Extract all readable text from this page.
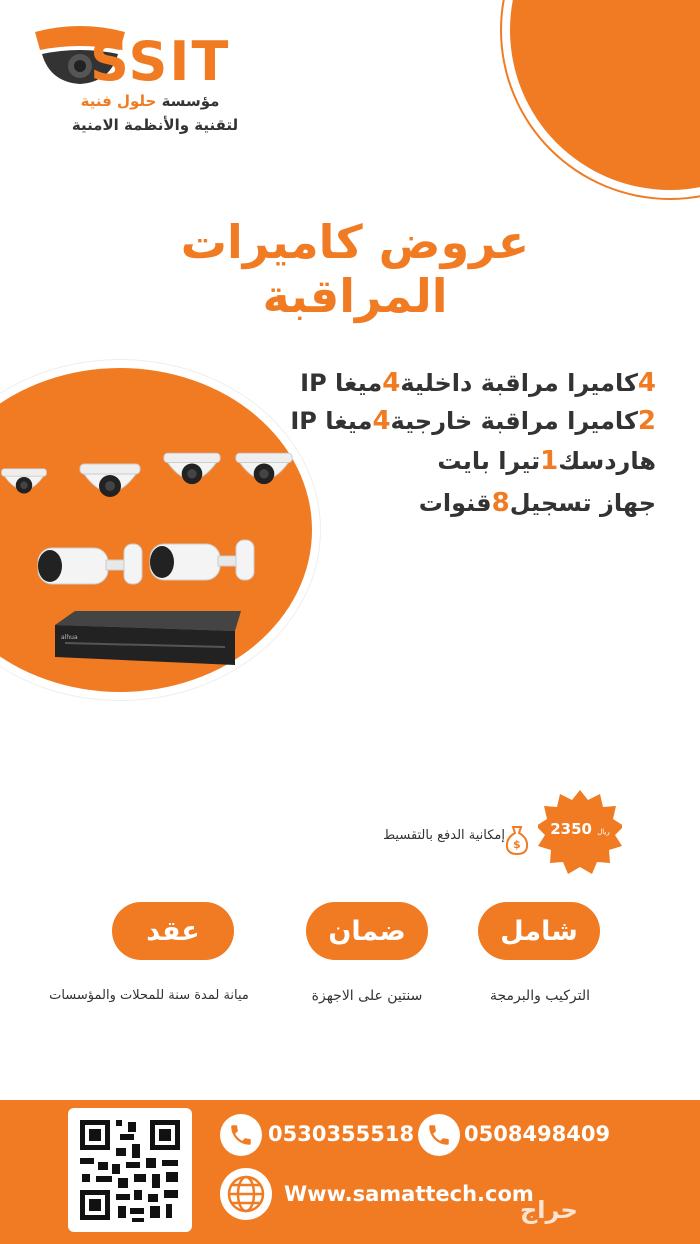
SSIT
مؤسسة حلول فنية
لتقنية والأنظمة الامنية
عروض كاميرات المراقبة
alhua
4كاميرا مراقبة داخلية4ميغا IP
2كاميرا مراقبة خارجية4ميغا IP
هاردسك1تيرا بايت
جهاز تسجيل8قنوات
2350 ريال
$
إمكانية الدفع بالتقسيط
شامل
التركيب والبرمجة
ضمان
سنتين على الاجهزة
عقد
ميانة لمدة سنة للمحلات والمؤسسات
0508498409
0530355518
Www.samattech.com
حراج
